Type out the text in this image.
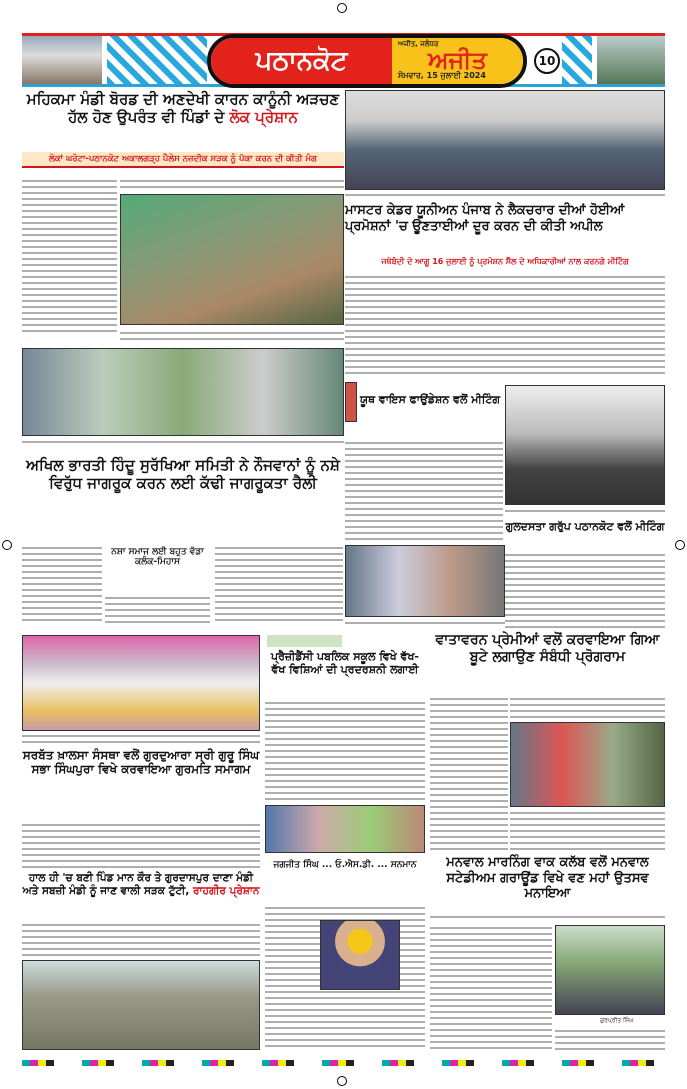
ਪਠਾਨਕੋਟ
ਅਜੀਤ, ਜਲੰਧਰ
ਅਜੀਤ
ਸੋਮਵਾਰ, 15 ਜੁਲਾਈ 2024
10
ਮਹਿਕਮਾ ਮੰਡੀ ਬੋਰਡ ਦੀ ਅਣਦੇਖੀ ਕਾਰਨ ਕਾਨੂੰਨੀ ਅੜਚਣ ਹੱਲ ਹੋਣ ਉਪਰੰਤ ਵੀ ਪਿੰਡਾਂ ਦੇ ਲੋਕ ਪ੍ਰੇਸ਼ਾਨ
ਲੋਕਾਂ ਘਰੋਟਾ-ਪਠਾਨਕੋਟ ਅਕਾਲਗੜ੍ਹ ਪੈਲੇਸ ਨਜ਼ਦੀਕ ਸੜਕ ਨੂੰ ਪੱਕਾ ਕਰਨ ਦੀ ਕੀਤੀ ਮੰਗ
ਮਾਸਟਰ ਕੇਡਰ ਯੂਨੀਅਨ ਪੰਜਾਬ ਨੇ ਲੈਕਚਰਾਰ ਦੀਆਂ ਹੋਈਆਂ ਪ੍ਰਮੋਸ਼ਨਾਂ 'ਚ ਊਣਤਾਈਆਂ ਦੂਰ ਕਰਨ ਦੀ ਕੀਤੀ ਅਪੀਲ
ਜਥੇਬੰਦੀ ਦੇ ਆਗੂ 16 ਜੁਲਾਈ ਨੂੰ ਪ੍ਰਮੋਸ਼ਨ ਸੈੱਲ ਦੇ ਅਧਿਕਾਰੀਆਂ ਨਾਲ ਕਰਨਗੇ ਮੀਟਿੰਗ
ਯੂਥ ਵਾਇਸ ਫਾਉਂਡੇਸ਼ਨ ਵਲੋਂ ਮੀਟਿੰਗ
ਅਖਿਲ ਭਾਰਤੀ ਹਿੰਦੂ ਸੁਰੱਖਿਆ ਸਮਿਤੀ ਨੇ ਨੌਜਵਾਨਾਂ ਨੂੰ ਨਸ਼ੇ ਵਿਰੁੱਧ ਜਾਗਰੂਕ ਕਰਨ ਲਈ ਕੱਢੀ ਜਾਗਰੂਕਤਾ ਰੈਲੀ
ਨਸ਼ਾ ਸਮਾਜ ਲਈ ਬਹੁਤ ਵੱਡਾ ਕਲੰਕ-ਮਿਹਾਸ
ਗੁਲਦਸਤਾ ਗਰੁੱਪ ਪਠਾਨਕੋਟ ਵਲੋਂ ਮੀਟਿੰਗ
ਪ੍ਰੈਜ਼ੀਡੈਂਸੀ ਪਬਲਿਕ ਸਕੂਲ ਵਿਖੇ ਵੱਖ-ਵੱਖ ਵਿਸ਼ਿਆਂ ਦੀ ਪ੍ਰਦਰਸ਼ਨੀ ਲਗਾਈ
ਵਾਤਾਵਰਨ ਪ੍ਰੇਮੀਆਂ ਵਲੋਂ ਕਰਵਾਇਆ ਗਿਆ ਬੂਟੇ ਲਗਾਉਣ ਸੰਬੰਧੀ ਪ੍ਰੋਗਰਾਮ
ਸਰਬੱਤ ਖ਼ਾਲਸਾ ਸੰਸਥਾ ਵਲੋਂ ਗੁਰਦੁਆਰਾ ਸ੍ਰੀ ਗੁਰੂ ਸਿੰਘ ਸਭਾ ਸਿੰਘਪੁਰਾ ਵਿਖੇ ਕਰਵਾਇਆ ਗੁਰਮਤਿ ਸਮਾਗਮ
ਹਾਲ ਹੀ 'ਚ ਬਣੀ ਪਿੰਡ ਮਾਨ ਕੌਰ ਤੇ ਗੁਰਦਾਸਪੁਰ ਦਾਣਾ ਮੰਡੀ ਅਤੇ ਸਬਜ਼ੀ ਮੰਡੀ ਨੂੰ ਜਾਣ ਵਾਲੀ ਸੜਕ ਟੁੱਟੀ, ਰਾਹਗੀਰ ਪ੍ਰੇਸ਼ਾਨ
ਜਗਜੀਤ ਸਿੰਘ ... ਓ.ਐਸ.ਡੀ. ... ਸਨਮਾਨ	ਮਨਵਾਲ ਮਾਰਨਿੰਗ ਵਾਕ ਕਲੱਬ ਵਲੋਂ ਮਨਵਾਲ ਸਟੇਡੀਅਮ ਗਰਾਊਂਡ ਵਿਖੇ ਵਣ ਮਹਾਂ ਉਤਸਵ ਮਨਾਇਆ
ਗੁਰਪ੍ਰੀਤ ਸਿੰਘ
